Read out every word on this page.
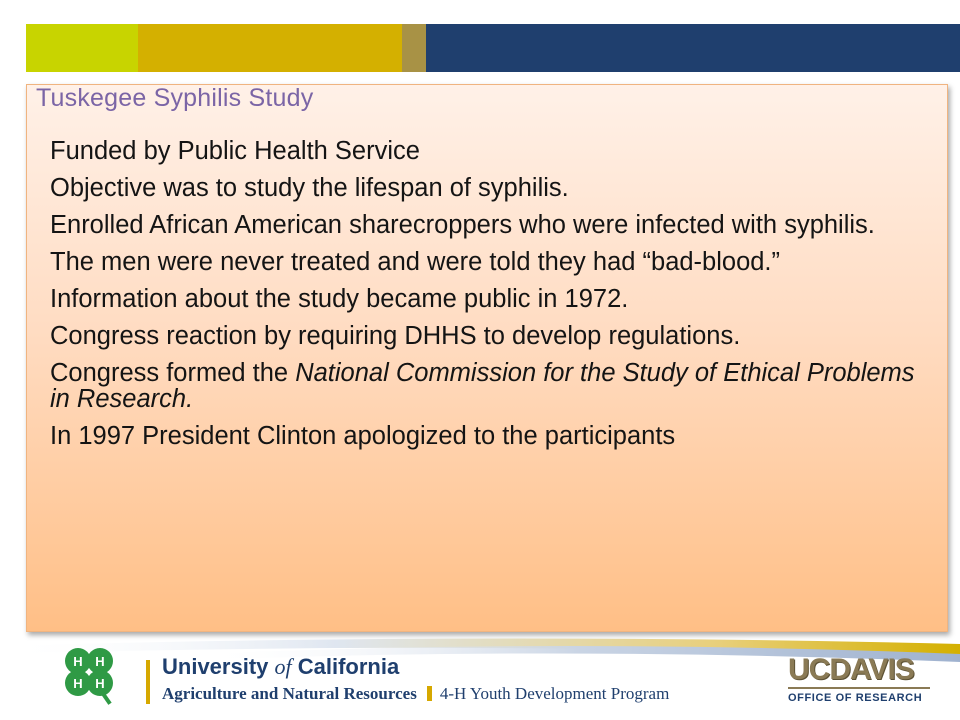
Tuskegee Syphilis Study
Funded by Public Health Service
Objective was to study the lifespan of syphilis.
Enrolled African American sharecroppers who were infected with syphilis.
The men were never treated and were told they had “bad-blood.”
Information about the study became public in 1972.
Congress reaction by requiring DHHS to develop regulations.
Congress formed the National Commission for the Study of Ethical Problems in Research.
In 1997 President Clinton apologized to the participants
H H
H H

University of California

Agriculture and Natural Resources 4-H Youth Development Program

UCDAVIS

OFFICE OF RESEARCH
